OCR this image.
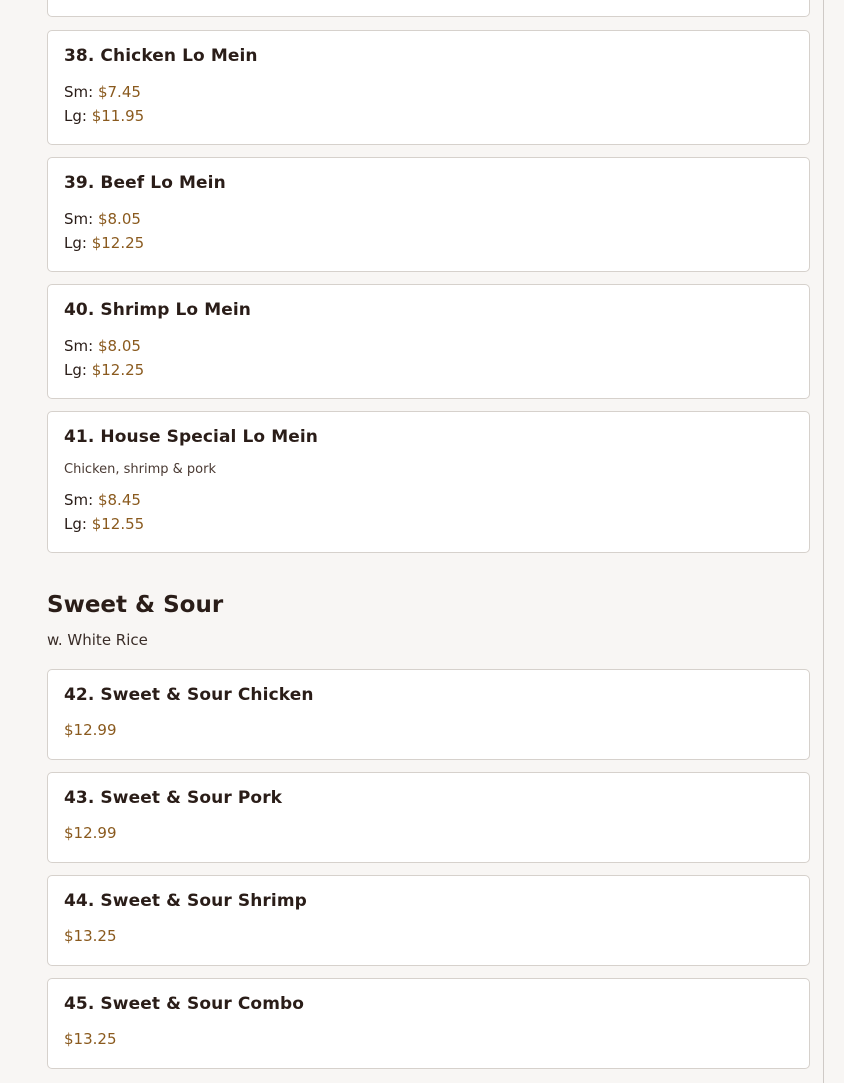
38. Chicken Lo Mein
Sm: $7.45
Lg: $11.95
39. Beef Lo Mein
Sm: $8.05
Lg: $12.25
40. Shrimp Lo Mein
Sm: $8.05
Lg: $12.25
41. House Special Lo Mein
Chicken, shrimp & pork
Sm: $8.45
Lg: $12.55
Sweet & Sour
w. White Rice
42. Sweet & Sour Chicken
$12.99
43. Sweet & Sour Pork
$12.99
44. Sweet & Sour Shrimp
$13.25
45. Sweet & Sour Combo
$13.25
